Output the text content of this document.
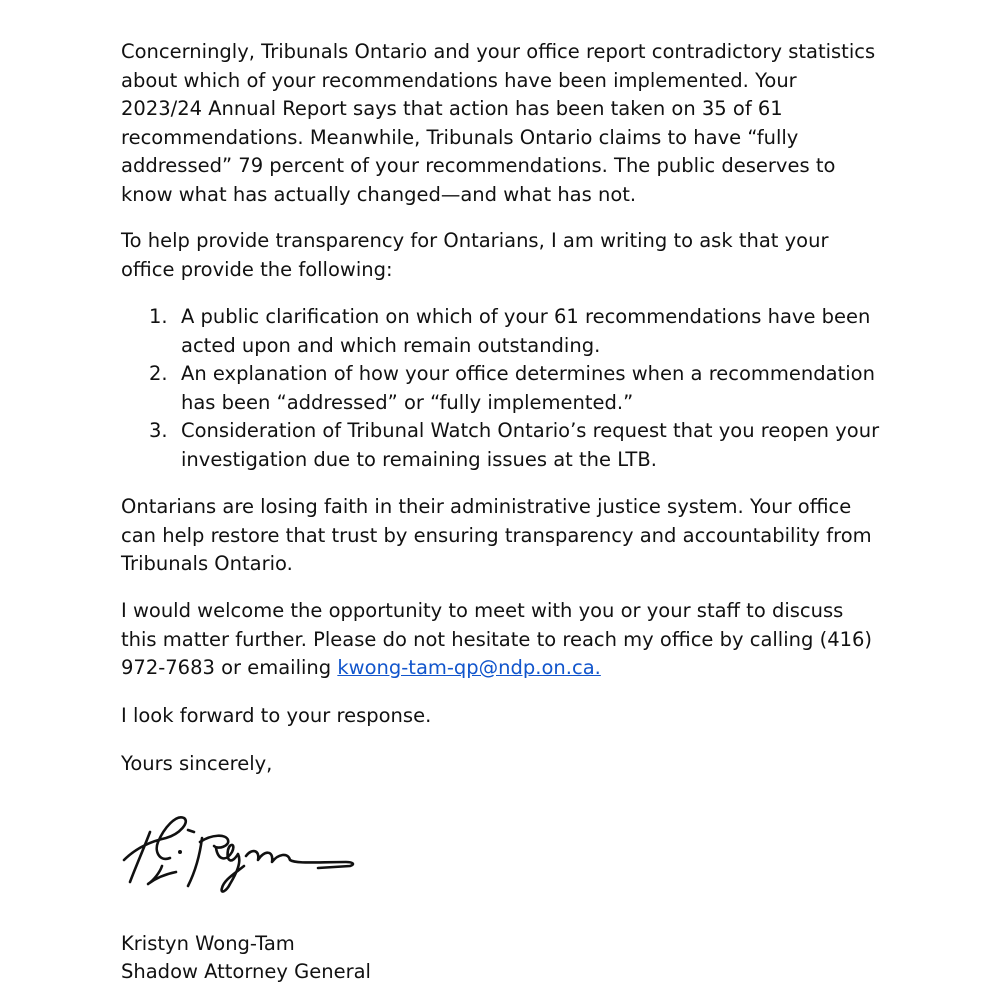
Concerningly, Tribunals Ontario and your office report contradictory statistics about which of your recommendations have been implemented. Your 2023/24 Annual Report says that action has been taken on 35 of 61 recommendations. Meanwhile, Tribunals Ontario claims to have “fully addressed” 79 percent of your recommendations. The public deserves to know what has actually changed—and what has not.

To help provide transparency for Ontarians, I am writing to ask that your office provide the following:

1. A public clarification on which of your 61 recommendations have been acted upon and which remain outstanding.
2. An explanation of how your office determines when a recommendation has been “addressed” or “fully implemented.”
3. Consideration of Tribunal Watch Ontario’s request that you reopen your investigation due to remaining issues at the LTB.

Ontarians are losing faith in their administrative justice system. Your office can help restore that trust by ensuring transparency and accountability from Tribunals Ontario.

I would welcome the opportunity to meet with you or your staff to discuss this matter further. Please do not hesitate to reach my office by calling (416) 972-7683 or emailing kwong-tam-qp@ndp.on.ca.

I look forward to your response.

Yours sincerely,

Kristyn Wong-Tam

Shadow Attorney General
